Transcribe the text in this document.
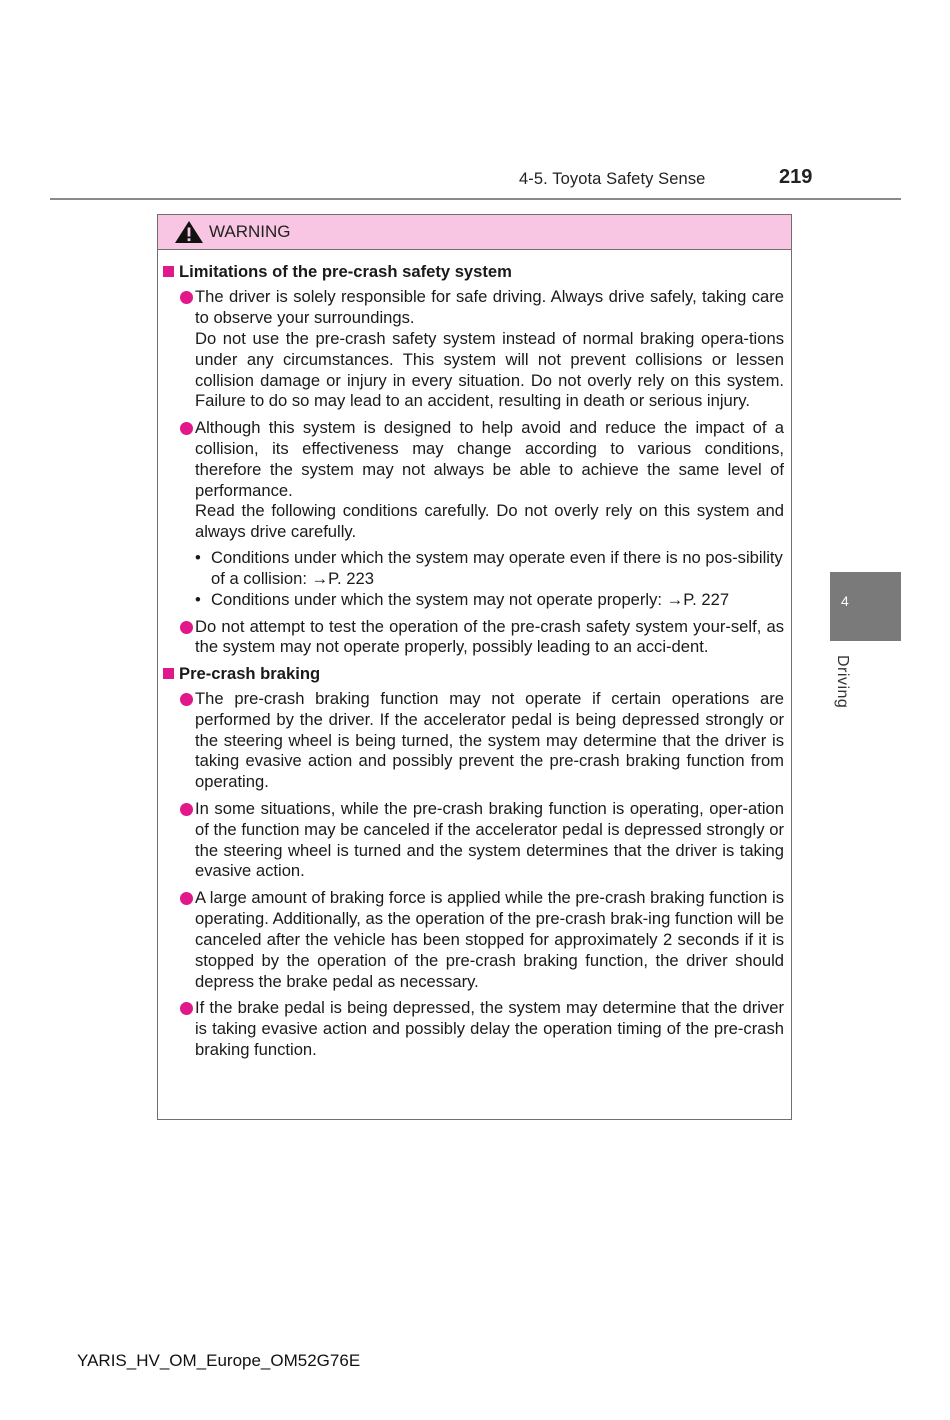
4-5. Toyota Safety Sense	219
WARNING
Limitations of the pre-crash safety system

The driver is solely responsible for safe driving. Always drive safely, taking care to observe your surroundings.

Do not use the pre-crash safety system instead of normal braking opera-tions under any circumstances. This system will not prevent collisions or lessen collision damage or injury in every situation. Do not overly rely on this system. Failure to do so may lead to an accident, resulting in death or serious injury.

Although this system is designed to help avoid and reduce the impact of a collision, its effectiveness may change according to various conditions, therefore the system may not always be able to achieve the same level of performance.

Read the following conditions carefully. Do not overly rely on this system and always drive carefully.

• Conditions under which the system may operate even if there is no pos-sibility of a collision: →P. 223
• Conditions under which the system may not operate properly: →P. 227

Do not attempt to test the operation of the pre-crash safety system your-self, as the system may not operate properly, possibly leading to an acci-dent.

Pre-crash braking

The pre-crash braking function may not operate if certain operations are performed by the driver. If the accelerator pedal is being depressed strongly or the steering wheel is being turned, the system may determine that the driver is taking evasive action and possibly prevent the pre-crash braking function from operating.

In some situations, while the pre-crash braking function is operating, oper-ation of the function may be canceled if the accelerator pedal is depressed strongly or the steering wheel is turned and the system determines that the driver is taking evasive action.

A large amount of braking force is applied while the pre-crash braking function is operating. Additionally, as the operation of the pre-crash brak-ing function will be canceled after the vehicle has been stopped for approximately 2 seconds if it is stopped by the operation of the pre-crash braking function, the driver should depress the brake pedal as necessary.

If the brake pedal is being depressed, the system may determine that the driver is taking evasive action and possibly delay the operation timing of the pre-crash braking function.

4
Driving
YARIS_HV_OM_Europe_OM52G76E
